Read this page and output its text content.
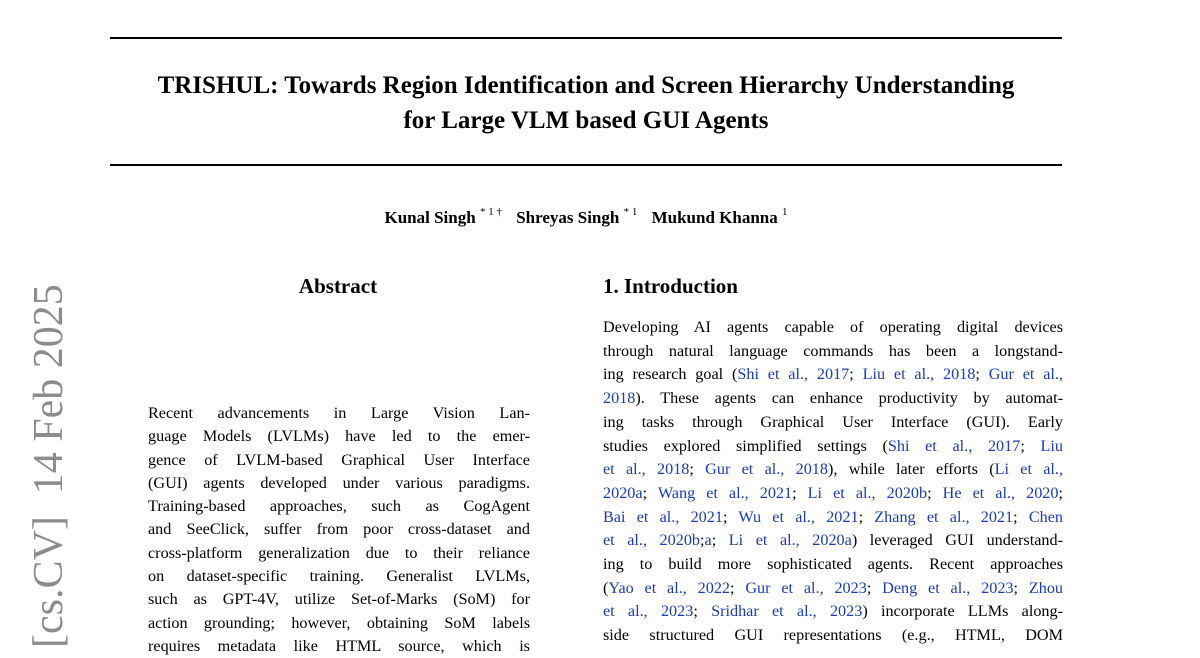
TRISHUL: Towards Region Identification and Screen Hierarchy Understanding
for Large VLM based GUI Agents
Kunal Singh $^{* 1 \dagger}$ Shreyas Singh $^{* 1}$ Mukund Khanna $^1$
[cs.CV]14 Feb 2025	Abstract
Recent advancements in Large Vision Lan-
guage Models (LVLMs) have led to the emer-
gence of LVLM-based Graphical User Interface
(GUI) agents developed under various paradigms.
Training-based approaches, such as CogAgent
and SeeClick, suffer from poor cross-dataset and
cross-platform generalization due to their reliance
on dataset-specific training. Generalist LVLMs,
such as GPT-4V, utilize Set-of-Marks (SoM) for
action grounding; however, obtaining SoM labels
requires metadata like HTML source, which is
1. Introduction
Developing AI agents capable of operating digital devices
through natural language commands has been a longstand-
ing research goal (Shi et al., 2017; Liu et al., 2018; Gur et al.,
2018). These agents can enhance productivity by automat-
ing tasks through Graphical User Interface (GUI). Early
studies explored simplified settings (Shi et al., 2017; Liu
et al., 2018; Gur et al., 2018), while later efforts (Li et al.,
2020a; Wang et al., 2021; Li et al., 2020b; He et al., 2020;
Bai et al., 2021; Wu et al., 2021; Zhang et al., 2021; Chen
et al., 2020b;a; Li et al., 2020a) leveraged GUI understand-
ing to build more sophisticated agents. Recent approaches
(Yao et al., 2022; Gur et al., 2023; Deng et al., 2023; Zhou
et al., 2023; Sridhar et al., 2023) incorporate LLMs along-
side structured GUI representations (e.g., HTML, DOM
